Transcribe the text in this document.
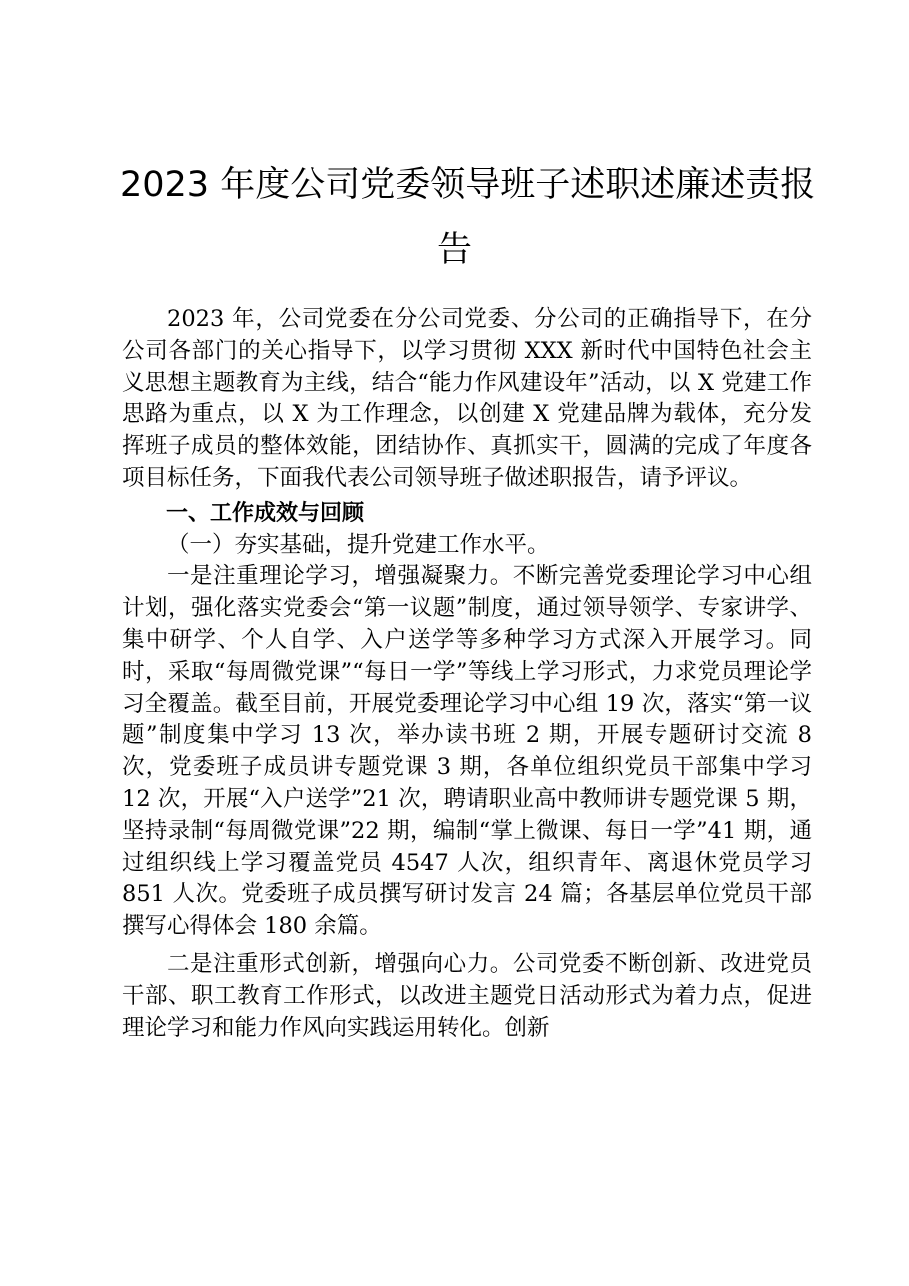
2023 年度公司党委领导班子述职述廉述责报
告

2023 年，公司党委在分公司党委、分公司的正确指导下，在分公司各部门的关心指导下，以学习贯彻 XXX 新时代中国特色社会主义思想主题教育为主线，结合“能力作风建设年”活动，以 X 党建工作思路为重点，以 X 为工作理念，以创建 X 党建品牌为载体，充分发挥班子成员的整体效能，团结协作、真抓实干，圆满的完成了年度各项目标任务，下面我代表公司领导班子做述职报告，请予评议。

一、工作成效与回顾

（一）夯实基础，提升党建工作水平。

一是注重理论学习，增强凝聚力。不断完善党委理论学习中心组计划，强化落实党委会“第一议题”制度，通过领导领学、专家讲学、集中研学、个人自学、入户送学等多种学习方式深入开展学习。同时，采取“每周微党课”“每日一学”等线上学习形式，力求党员理论学习全覆盖。截至目前，开展党委理论学习中心组 19 次，落实“第一议题”制度集中学习 13 次，举办读书班 2 期，开展专题研讨交流 8 次，党委班子成员讲专题党课 3 期，各单位组织党员干部集中学习 12 次，开展“入户送学”21 次，聘请职业高中教师讲专题党课 5 期，坚持录制“每周微党课”22 期，编制“掌上微课、每日一学”41 期，通过组织线上学习覆盖党员 4547 人次，组织青年、离退休党员学习 851 人次。党委班子成员撰写研讨发言 24 篇；各基层单位党员干部撰写心得体会 180 余篇。

二是注重形式创新，增强向心力。公司党委不断创新、改进党员干部、职工教育工作形式，以改进主题党日活动形式为着力点，促进理论学习和能力作风向实践运用转化。创新
